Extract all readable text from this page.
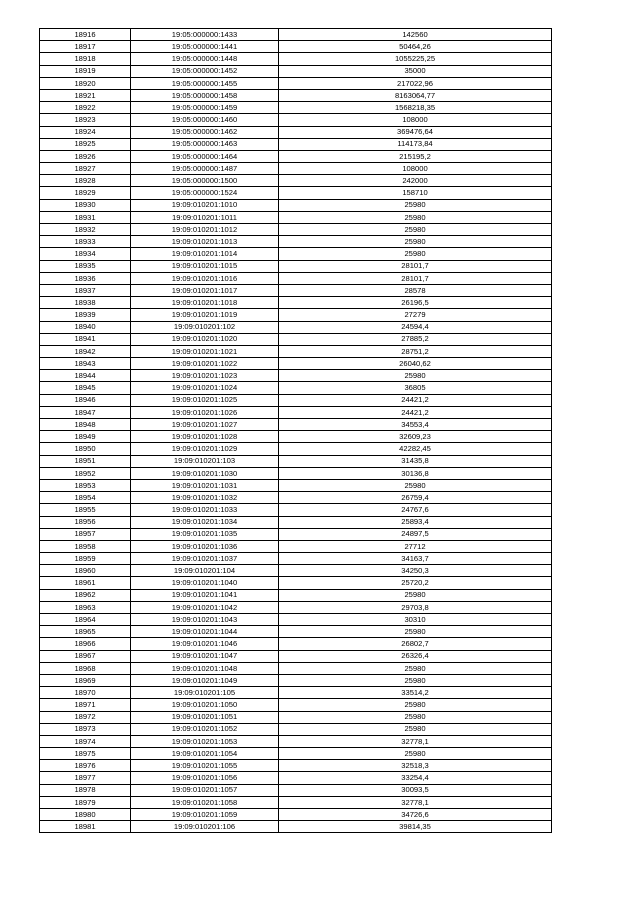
18916	19:05:000000:1433	142560
18917	19:05:000000:1441	50464,26
18918	19:05:000000:1448	1055225,25
18919	19:05:000000:1452	35000
18920	19:05:000000:1455	217022,96
18921	19:05:000000:1458	8163064,77
18922	19:05:000000:1459	1568218,35
18923	19:05:000000:1460	108000
18924	19:05:000000:1462	369476,64
18925	19:05:000000:1463	114173,84
18926	19:05:000000:1464	215195,2
18927	19:05:000000:1487	108000
18928	19:05:000000:1500	242000
18929	19:05:000000:1524	158710
18930	19:09:010201:1010	25980
18931	19:09:010201:1011	25980
18932	19:09:010201:1012	25980
18933	19:09:010201:1013	25980
18934	19:09:010201:1014	25980
18935	19:09:010201:1015	28101,7
18936	19:09:010201:1016	28101,7
18937	19:09:010201:1017	28578
18938	19:09:010201:1018	26196,5
18939	19:09:010201:1019	27279
18940	19:09:010201:102	24594,4
18941	19:09:010201:1020	27885,2
18942	19:09:010201:1021	28751,2
18943	19:09:010201:1022	26040,62
18944	19:09:010201:1023	25980
18945	19:09:010201:1024	36805
18946	19:09:010201:1025	24421,2
18947	19:09:010201:1026	24421,2
18948	19:09:010201:1027	34553,4
18949	19:09:010201:1028	32609,23
18950	19:09:010201:1029	42282,45
18951	19:09:010201:103	31435,8
18952	19:09:010201:1030	30136,8
18953	19:09:010201:1031	25980
18954	19:09:010201:1032	26759,4
18955	19:09:010201:1033	24767,6
18956	19:09:010201:1034	25893,4
18957	19:09:010201:1035	24897,5
18958	19:09:010201:1036	27712
18959	19:09:010201:1037	34163,7
18960	19:09:010201:104	34250,3
18961	19:09:010201:1040	25720,2
18962	19:09:010201:1041	25980
18963	19:09:010201:1042	29703,8
18964	19:09:010201:1043	30310
18965	19:09:010201:1044	25980
18966	19:09:010201:1046	26802,7
18967	19:09:010201:1047	26326,4
18968	19:09:010201:1048	25980
18969	19:09:010201:1049	25980
18970	19:09:010201:105	33514,2
18971	19:09:010201:1050	25980
18972	19:09:010201:1051	25980
18973	19:09:010201:1052	25980
18974	19:09:010201:1053	32778,1
18975	19:09:010201:1054	25980
18976	19:09:010201:1055	32518,3
18977	19:09:010201:1056	33254,4
18978	19:09:010201:1057	30093,5
18979	19:09:010201:1058	32778,1
18980	19:09:010201:1059	34726,6
18981	19:09:010201:106	39814,35
